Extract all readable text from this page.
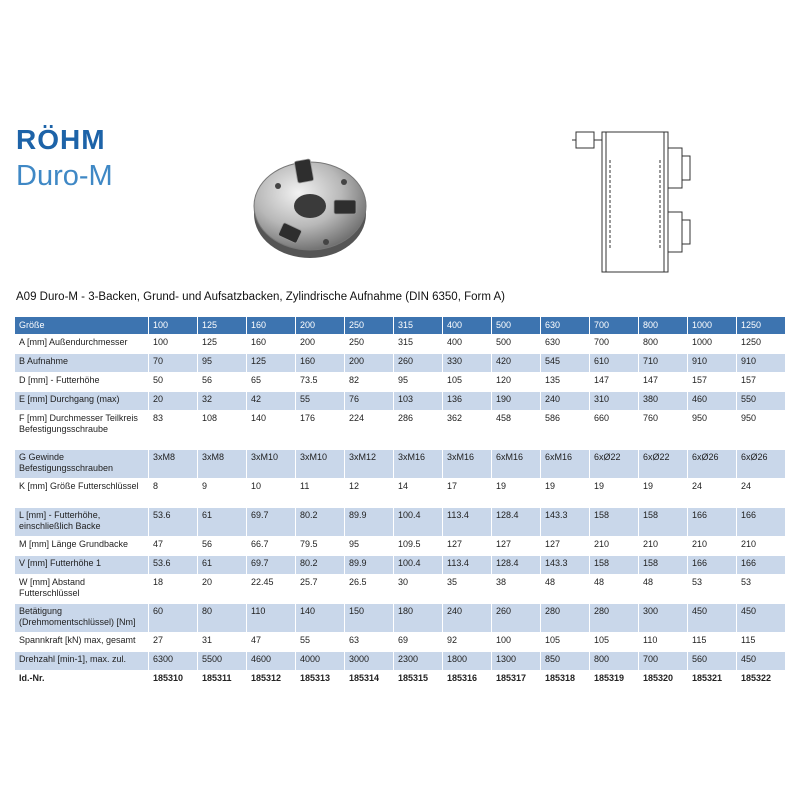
RÖHM
Duro-M
A09 Duro-M - 3-Backen, Grund- und Aufsatzbacken, Zylindrische Aufnahme (DIN 6350, Form A)
Größe	100	125	160	200	250	315	400	500	630	700	800	1000	1250
A [mm] Außendurchmesser	100	125	160	200	250	315	400	500	630	700	800	1000	1250
B Aufnahme	70	95	125	160	200	260	330	420	545	610	710	910	910
D [mm] - Futterhöhe	50	56	65	73.5	82	95	105	120	135	147	147	157	157
E [mm] Durchgang (max)	20	32	42	55	76	103	136	190	240	310	380	460	550
F [mm] Durchmesser Teilkreis Befestigungsschraube	83	108	140	176	224	286	362	458	586	660	760	950	950
G Gewinde Befestigungsschrauben	3xM8	3xM8	3xM10	3xM10	3xM12	3xM16	3xM16	6xM16	6xM16	6xØ22	6xØ22	6xØ26	6xØ26
K [mm] Größe Futterschlüssel	8	9	10	11	12	14	17	19	19	19	19	24	24
L [mm] - Futterhöhe, einschließlich Backe	53.6	61	69.7	80.2	89.9	100.4	113.4	128.4	143.3	158	158	166	166
M [mm] Länge Grundbacke	47	56	66.7	79.5	95	109.5	127	127	127	210	210	210	210
V [mm] Futterhöhe 1	53.6	61	69.7	80.2	89.9	100.4	113.4	128.4	143.3	158	158	166	166
W [mm] Abstand Futterschlüssel	18	20	22.45	25.7	26.5	30	35	38	48	48	48	53	53
Betätigung (Drehmomentschlüssel) [Nm]	60	80	110	140	150	180	240	260	280	280	300	450	450
Spannkraft [kN) max, gesamt	27	31	47	55	63	69	92	100	105	105	110	115	115
Drehzahl [min-1], max. zul.	6300	5500	4600	4000	3000	2300	1800	1300	850	800	700	560	450
Id.-Nr.	185310	185311	185312	185313	185314	185315	185316	185317	185318	185319	185320	185321	185322
